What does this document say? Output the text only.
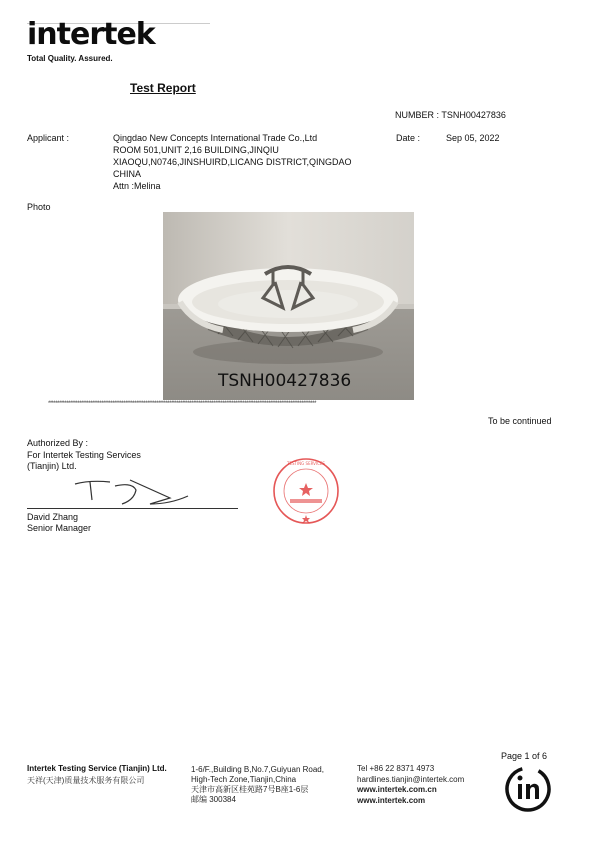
intertek
Total Quality. Assured.
Test Report
NUMBER : TSNH00427836
Applicant :	Qingdao New Concepts International Trade Co.,Ltd
ROOM 501,UNIT 2,16 BUILDING,JINQIU
XIAOQU,N0746,JINSHUIRD,LICANG DISTRICT,QINGDAO
CHINA
Attn :Melina
Date :	Sep 05, 2022
Photo
TSNH00427836
**************************************************************************************************************************************************
To be continued
Authorized By :
For Intertek Testing Services
(Tianjin) Ltd.
David Zhang
Senior Manager
TESTING SERVICES
Page 1 of 6
Intertek Testing Service (Tianjin) Ltd.
天祥(天津)质量技术服务有限公司
1-6/F.,Building B,No.7,Guiyuan Road,
High-Tech Zone,Tianjin,China
天津市高新区桂苑路7号B座1-6层
邮编 300384
Tel +86 22 8371 4973
hardlines.tianjin@intertek.com
www.intertek.com.cn
www.intertek.com
